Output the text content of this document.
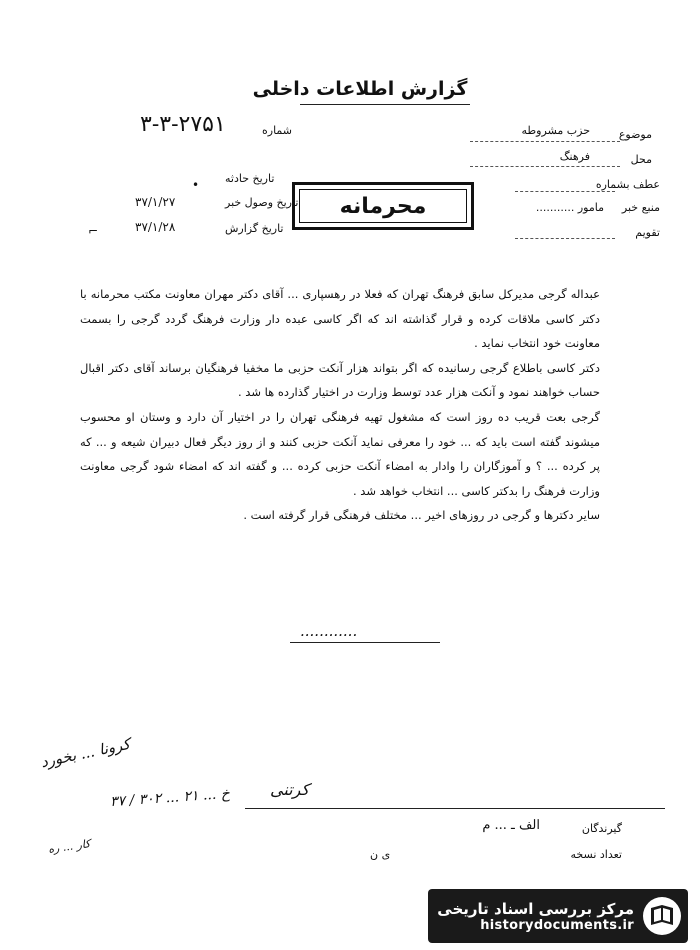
گزارش اطلاعات داخلی
موضوع
حزب مشروطه
محل
فرهنگ
عطف بشماره
منبع خبر
مامور ...........
تقویم
شماره
۳-۳-۲۷۵۱
تاریخ حادثه
•
تاریخ وصول خبر
۳۷/۱/۲۷
تاریخ گزارش
۳۷/۱/۲۸
⌐
محرمانه

عبداله گرجی مدیرکل سابق فرهنگ تهران که فعلا در رهسپاری ... آقای دکتر مهران معاونت مکتب محرمانه با دکتر کاسی ملاقات کرده و قرار گذاشته اند که اگر کاسی عبده دار وزارت فرهنگ گردد گرجی را بسمت معاونت خود انتخاب نماید .

دکتر کاسی باطلاع گرجی رسانیده که اگر بتواند هزار آنکت حزبی ما مخفیا فرهنگیان برساند آقای دکتر اقبال حساب خواهند نمود و آنکت هزار عدد توسط وزارت در اختیار گذارده ها شد .

گرجی بعت قریب ده روز است که مشغول تهیه فرهنگی تهران را در اختیار آن دارد و وستان او محسوب میشوند گفته است باید که ... خود را معرفی نماید آنکت حزبی کنند و از روز دیگر فعال دبیران شیعه و ... که پر کرده ... ؟ و آموزگاران را وادار به امضاء آنکت حزبی کرده ... و گفته اند که امضاء شود گرجی معاونت وزارت فرهنگ را بدکتر کاسی ... انتخاب خواهد شد .

سایر دکترها و گرجی در روزهای اخیر ... مختلف فرهنگی قرار گرفته است .

............
کرونا ... بخورد
خ ... ۲۱ ... ۳۰۲ / ۳۷
کار ... ره
کرتنی
گیرندگان
الف ـ ... م
تعداد نسخه
ی ن
مرکز بررسی اسناد تاریخی
historydocuments.ir
